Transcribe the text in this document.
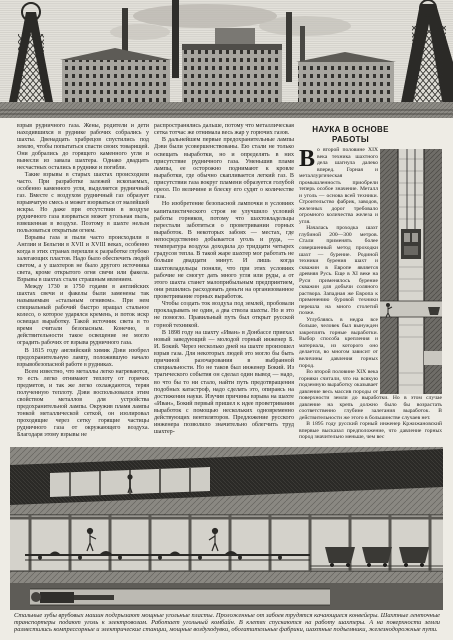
взрыв рудничного газа. Жены, родители и дети находившихся в руднике рабочих собрались у шахты. Двенадцать храбрецов спустились под землю, чтобы попытаться спасти своих товарищей. Они добрались до горящего каменного угля и вынесли из завала шахтера. Однако двадцать несчастных остались в руднике и погибли.

Такие взрывы в старых шахтах происходили часто. При разработке залежей ископаемых, особенно каменного угля, выделяется рудничный газ. Вместе с воздухом рудничный газ образует взрывчатую смесь и может взорваться от малейшей искры. Но даже при отсутствии в воздухе рудничного газа взорваться может угольная пыль, взвешенная в воздухе. Поэтому в шахте нельзя пользоваться открытым огнем.

Взрывы газа и пыли часто происходили в Англии и Бельгии в XVII и XVIII веках, особенно когда в этих странах перешли к разработке глубоко залегающих пластов. Надо было обеспечить людей светом, а у шахтеров не было другого источника света, кроме открытого огня свечи или факела. Взрывы в шахтах стали страшным явлением.

Между 1730 и 1750 годами в английских шахтах свечи и факелы были заменены так называемым «стальным огнивом». При нем специальный рабочий быстро вращал стальное колесо, о которое ударялся кремень, и поток искр освещал выработку. Такой источник света в то время считали безопасным. Конечно, в действительности такое освещение не могло оградить рабочих от взрыва рудничного газа.

В 1815 году английский химик Дэви изобрел предохранительную лампу, положившую начало взрывобезопасной работе в рудниках.

Всем известно, что металлы легко нагреваются, то есть легко отнимают теплоту от горячих предметов, и так же легко охлаждаются, теряя полученную теплоту. Дэви воспользовался этим свойством металлов для устройства предохранительной лампы. Окружив пламя лампы тонкой металлической сеткой, он изолировал проходящие через сетку горящие частицы рудничного газа от окружающего воздуха. Благодаря этому взрывы не

распространялись дальше, потому что металлическая сетка тотчас же отнимала весь жар у горючих газов.

В дальнейшем первые предохранительные лампы Дэви были усовершенствованы. Ею стали не только освещать выработки, но и определять в них присутствие рудничного газа. Уменьшив пламя лампы, ее осторожно поднимают к кровле выработки, где обычно скапливается легкий газ. В присутствии газа вокруг пламени образуется голубой ореол. По величине и блеску его судят о количестве газа.

Но изобретение безопасной лампочки в условиях капиталистического строя не улучшило условий работы горняков, потому что шахтовладельцы перестали заботиться о проветривании горных выработок. В некоторых забоях — местах, где непосредственно добывается уголь и руда, — температура воздуха доходила до тридцати четырех градусов тепла. В такой жаре шахтер мог работать не больше двадцати минут. И лишь когда шахтовладельцы поняли, что при этих условиях рабочие не смогут дать много угля или руды, а от этого шахта станет малоприбыльным предприятием, они решились расходовать деньги на организованное проветривание горных выработок.

Чтобы создать ток воздуха под землей, пробовали прокладывать не один, а два ствола шахты. Но и это не помогло. Правильный путь был открыт русской горной техникой.

В 1898 году на шахту «Иван» в Донбассе приехал новый заведующий — молодой горный инженер Б. И. Бокий. Через несколько дней на шахте произошел взрыв газа. Для некоторых людей это могло бы быть причиной разочарования в выбранной специальности. Но не таков был инженер Бокий. Из трагического события он сделал один вывод — надо, во что бы то ни стало, найти путь предотвращения подобных катастроф, надо сделать это, опираясь на достижения науки. Изучив причины взрыва на шахте «Иван», Бокий первый пришел к идее проветривания выработок с помощью нескольких одновременно действующих вентиляторов. Предложение русского инженера позволило значительно облегчить труд шахтер-

НАУКА В ОСНОВЕ РАБОТЫ

Во второй половине XIX века техника шахтного дела шагнула далеко вперед. Горная и металлургическая промышленность приобрели теперь особое значение. Металл и уголь — основа всей техники. Строительство фабрик, заводов, железных дорог требовало огромного количества железа и угля.

Началась проходка шахт глубиной 200—300 метров. Стали применять более совершенный метод проходки шахт — бурение. Родиной техники бурения шахт и скважин в Европе является древняя Русь. Еще в XI веке на Руси применялось бурение скважин для добычи соляного раствора. Западная же Европа к применению буровой техники перешла на много столетий позже.

Углубляясь в недра все больше, человек был вынужден закреплять горные выработки. Выбор способа крепления и материала, из которого оно делается, во многом зависит от величины давления горных пород.

Во второй половине XIX века горняки считали, что на всякую подземную выработку оказывает давление весь массив породы от поверхности земли до выработки. Но в этом случае давление на крепь должно было бы возрастать соответственно глубине залегания выработок. В действительности же этого в большинстве случаев нет.

В 1895 году русский горный инженер Кржижановский впервые высказал предположение, что давление горных пород значительно меньше, чем вес

Стальные зубы врубовых машин подгрызают мощные угольные пласты. Проложенные от забоев трудятся качающиеся конвейеры. Шахтные ленточные транспортеры подают уголь к электровозам. Работает угольный комбайн. В клетях спускаются на работу шахтеры. А на поверхности земли разместились компрессорные и электрические станции, мощные воздуходувки, обогатительные фабрики, шахтные подъемники, железнодорожные пути.
